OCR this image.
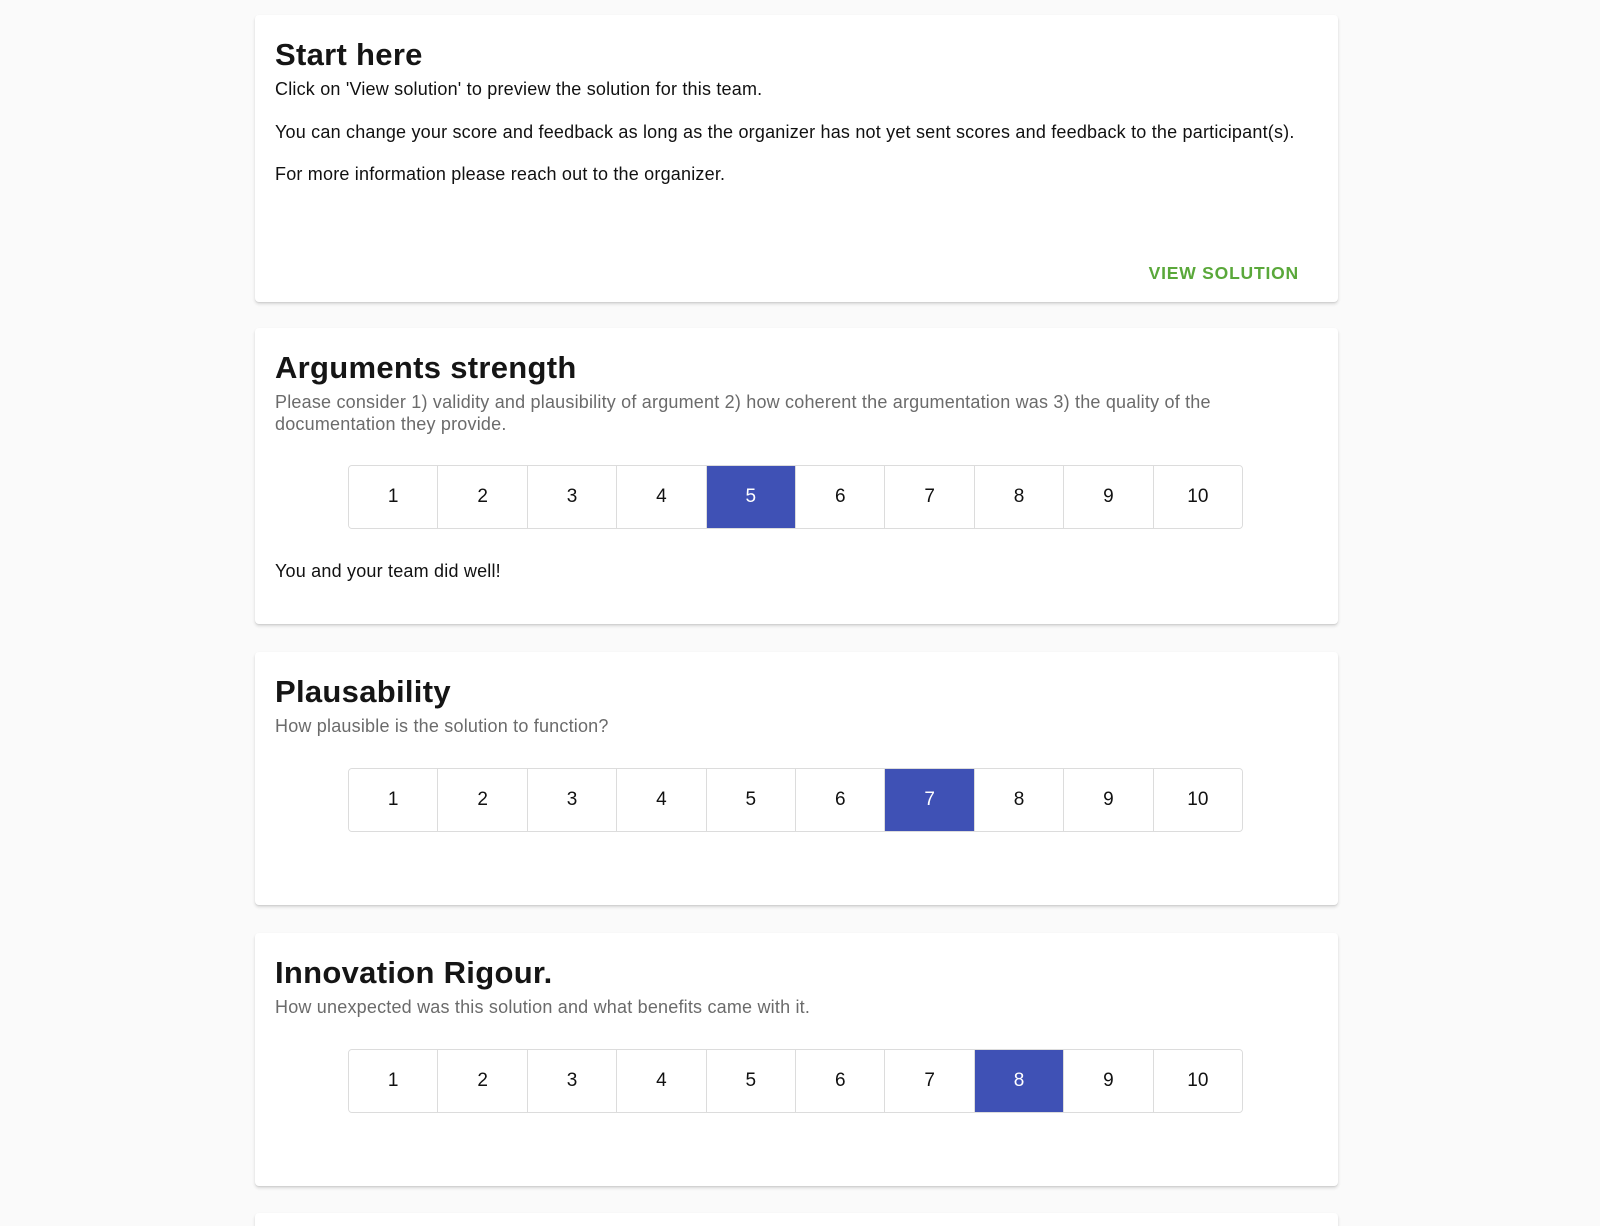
Start here

Click on 'View solution' to preview the solution for this team.

You can change your score and feedback as long as the organizer has not yet sent scores and feedback to the participant(s).

For more information please reach out to the organizer.

VIEW SOLUTION
Arguments strength
Please consider 1) validity and plausibility of argument 2) how coherent the argumentation was 3) the quality of the documentation they provide.
1	2	3	4	5	6	7	8	9	10
You and your team did well!
Plausability
How plausible is the solution to function?
1	2	3	4	5	6	7	8	9	10
Innovation Rigour.
How unexpected was this solution and what benefits came with it.
1	2	3	4	5	6	7	8	9	10
